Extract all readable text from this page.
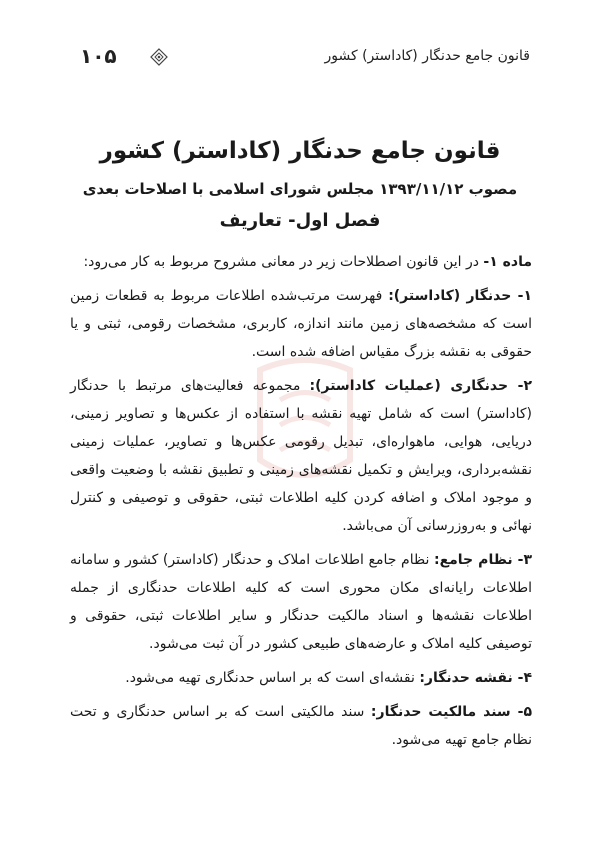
قانون جامع حدنگار (کاداستر) کشور
۱۰۵
قانون جامع حدنگار (کاداستر) کشور
مصوب ۱۳۹۳/۱۱/۱۲ مجلس شورای اسلامی با اصلاحات بعدی
فصل اول- تعاریف

ماده ۱- در این قانون اصطلاحات زیر در معانی مشروح مربوط به کار می‌رود:

۱- حدنگار (کاداستر): فهرست مرتب‌شده اطلاعات مربوط به قطعات زمین است که مشخصه‌های زمین مانند اندازه، کاربری، مشخصات رقومی، ثبتی و یا حقوقی به نقشه بزرگ مقیاس اضافه شده است.

۲- حدنگاری (عملیات کاداستر): مجموعه فعالیت‌های مرتبط با حدنگار (کاداستر) است که شامل تهیه نقشه با استفاده از عکس‌ها و تصاویر زمینی، دریایی، هوایی، ماهواره‌ای، تبدیل رقومی عکس‌ها و تصاویر، عملیات زمینی نقشه‌برداری، ویرایش و تکمیل نقشه‌های زمینی و تطبیق نقشه با وضعیت واقعی و موجود املاک و اضافه کردن کلیه اطلاعات ثبتی، حقوقی و توصیفی و کنترل نهائی و به‌روزرسانی آن می‌باشد.

۳- نظام جامع: نظام جامع اطلاعات املاک و حدنگار (کاداستر) کشور و سامانه اطلاعات رایانه‌ای مکان محوری است که کلیه اطلاعات حدنگاری از جمله اطلاعات نقشه‌ها و اسناد مالکیت حدنگار و سایر اطلاعات ثبتی، حقوقی و توصیفی کلیه املاک و عارضه‌های طبیعی کشور در آن ثبت می‌شود.

۴- نقشه حدنگار: نقشه‌ای است که بر اساس حدنگاری تهیه می‌شود.

۵- سند مالکیت حدنگار: سند مالکیتی است که بر اساس حدنگاری و تحت نظام جامع تهیه می‌شود.
